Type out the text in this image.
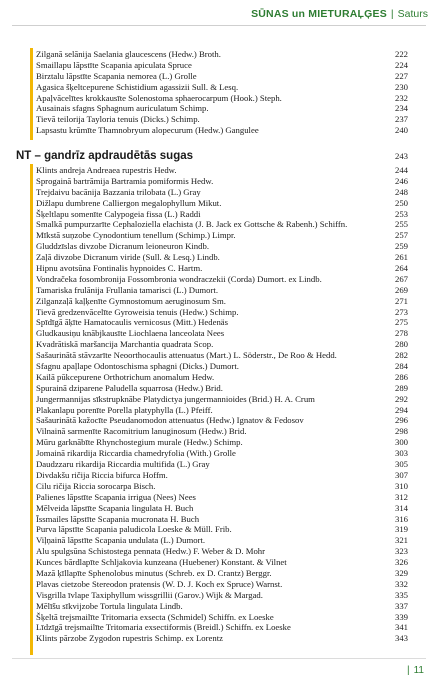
SŪNAS un MIETURAĻĢES | Saturs
Zilganā selānija Saelania glaucescens (Hedw.) Broth.	222
Smaillapu lāpstīte Scapania apiculata Spruce	224
Birztalu lāpstīte Scapania nemorea (L.) Grolle	227
Agasica šķeltcepurene Schistidium agassizii Sull. & Lesq.	230
Apaļvācelītes krokkausīte Solenostoma sphaerocarpum (Hook.) Steph.	232
Ausainais sfagns Sphagnum auriculatum Schimp.	234
Tievā teilorija Tayloria tenuis (Dicks.) Schimp.	237
Lapsastu krūmīte Thamnobryum alopecurum (Hedw.) Gangulee	240
NT – gandrīz apdraudētās sugas	243
Klints andreja Andreaea rupestris Hedw.	244
Sprogainā bartrāmija Bartramia pomiformis Hedw.	246
Trejdaivu bacānija Bazzania trilobata (L.) Gray	248
Dižlapu dumbrene Calliergon megalophyllum Mikut.	250
Šķeltlapu somenīte Calypogeia fissa (L.) Raddi	253
Smalkā pumpurzarīte Cephaloziella elachista (J. B. Jack ex Gottsche & Rabenh.) Schiffn.	255
Mīkstā suņzobe Cynodontium tenellum (Schimp.) Limpr.	257
Gluddzīslas divzobe Dicranum leioneuron Kindb.	259
Zaļā divzobe Dicranum viride (Sull. & Lesq.) Lindb.	261
Hipnu avotsūna Fontinalis hypnoides C. Hartm.	264
Vondračeka fosombronija Fossombronia wondraczekii (Corda) Dumort. ex Lindb.	267
Tamariska frulānija Frullania tamarisci (L.) Dumort.	269
Zilganzaļā kaļķenīte Gymnostomum aeruginosum Sm.	271
Tievā gredzenvācelīte Gyroweisia tenuis (Hedw.) Schimp.	273
Spīdīgā āķīte Hamatocaulis vernicosus (Mitt.) Hedenäs	275
Gludkausiņu knābjkausīte Liochlaena lanceolata Nees	278
Kvadrātiskā maršancija Marchantia quadrata Scop.	280
Sašaurinātā stāvzarīte Neoorthocaulis attenuatus (Mart.) L. Söderstr., De Roo & Hedd.	282
Sfagnu apaļlape Odontoschisma sphagni (Dicks.) Dumort.	284
Kailā pūkcepurene Orthotrichum anomalum Hedw.	286
Spurainā dziparene Paludella squarrosa (Hedw.) Brid.	289
Jungermannijas sīkstrupknābe Platydictya jungermannioides (Brid.) H. A. Crum	292
Plakanlapu porenīte Porella platyphylla (L.) Pfeiff.	294
Sašaurinātā kažocīte Pseudanomodon attenuatus (Hedw.) Ignatov & Fedosov	296
Vilnainā sarmenīte Racomitrium lanuginosum (Hedw.) Brid.	298
Mūru garknābīte Rhynchostegium murale (Hedw.) Schimp.	300
Jomainā rikardija Riccardia chamedryfolia (With.) Grolle	303
Daudzzaru rikardija Riccardia multifida (L.) Gray	305
Divdakšu ričija Riccia bifurca Hoffm.	307
Cilu ričija Riccia sorocarpa Bisch.	310
Palienes lāpstīte Scapania irrigua (Nees) Nees	312
Mēlveida lāpstīte Scapania lingulata H. Buch	314
Īssmailes lāpstīte Scapania mucronata H. Buch	316
Purva lāpstīte Scapania paludicola Loeske & Müll. Frib.	319
Viļņainā lāpstīte Scapania undulata (L.) Dumort.	321
Alu spulgsūna Schistostega pennata (Hedw.) F. Weber & D. Mohr	323
Kunces bārdlapīte Schljakovia kunzeana (Huebener) Konstant. & Vilnet	326
Mazā ķīllapīte Sphenolobus minutus (Schreb. ex D. Crantz) Berggr.	329
Plavas cietzobe Stereodon pratensis (W. D. J. Koch ex Spruce) Warnst.	332
Visgrilla īvlape Taxiphyllum wissgrillii (Garov.) Wijk & Margad.	335
Mēlīšu sīkvijzobe Tortula lingulata Lindb.	337
Šķeltā trejsmailīte Tritomaria exsecta (Schmidel) Schiffn. ex Loeske	339
Līdzīgā trejsmailīte Tritomaria exsectiformis (Breidl.) Schiffn. ex Loeske	341
Klints pārzobe Zygodon rupestris Schimp. ex Lorentz	343
| 11
